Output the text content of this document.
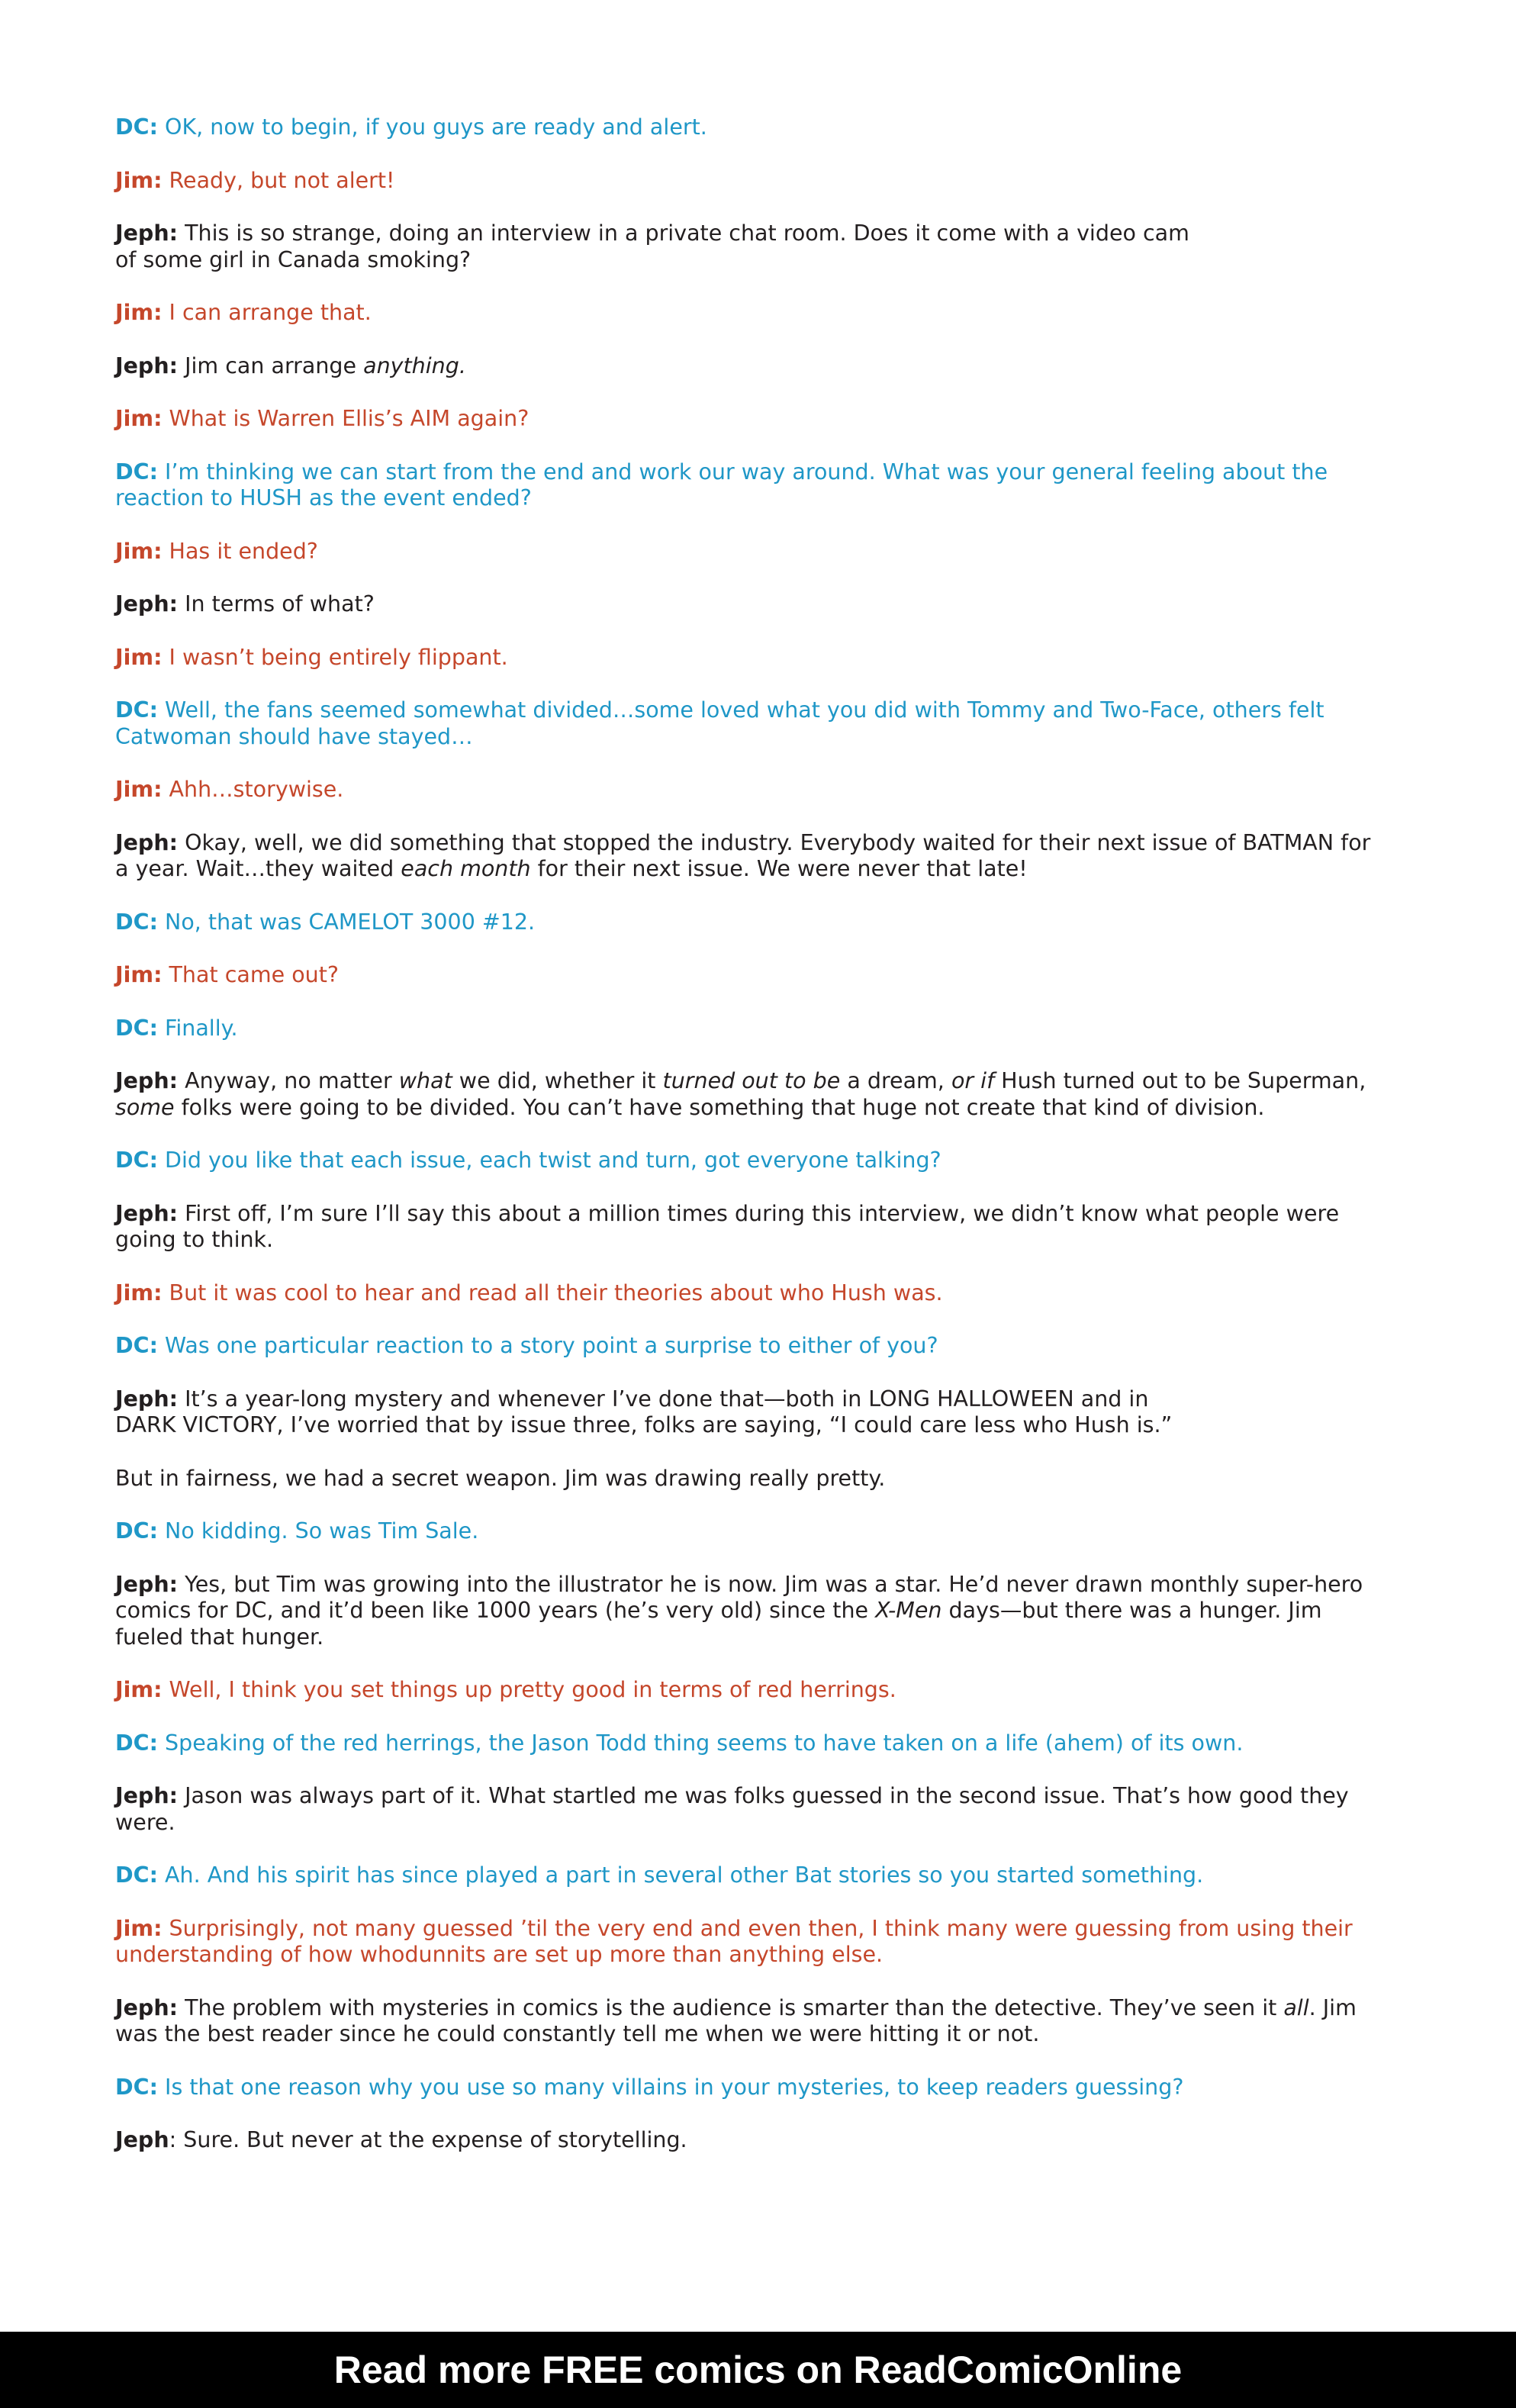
DC: OK, now to begin, if you guys are ready and alert.

Jim: Ready, but not alert!

Jeph: This is so strange, doing an interview in a private chat room. Does it come with a video cam
of some girl in Canada smoking?

Jim: I can arrange that.

Jeph: Jim can arrange anything.

Jim: What is Warren Ellis’s AIM again?

DC: I’m thinking we can start from the end and work our way around. What was your general feeling about the
reaction to HUSH as the event ended?

Jim: Has it ended?

Jeph: In terms of what?

Jim: I wasn’t being entirely flippant.

DC: Well, the fans seemed somewhat divided…some loved what you did with Tommy and Two-Face, others felt
Catwoman should have stayed…

Jim: Ahh…storywise.

Jeph: Okay, well, we did something that stopped the industry. Everybody waited for their next issue of BATMAN for
a year. Wait…they waited each month for their next issue. We were never that late!

DC: No, that was CAMELOT 3000 #12.

Jim: That came out?

DC: Finally.

Jeph: Anyway, no matter what we did, whether it turned out to be a dream, or if Hush turned out to be Superman,
some folks were going to be divided. You can’t have something that huge not create that kind of division.

DC: Did you like that each issue, each twist and turn, got everyone talking?

Jeph: First off, I’m sure I’ll say this about a million times during this interview, we didn’t know what people were
going to think.

Jim: But it was cool to hear and read all their theories about who Hush was.

DC: Was one particular reaction to a story point a surprise to either of you?

Jeph: It’s a year-long mystery and whenever I’ve done that—both in LONG HALLOWEEN and in
DARK VICTORY, I’ve worried that by issue three, folks are saying, “I could care less who Hush is.”

But in fairness, we had a secret weapon. Jim was drawing really pretty.

DC: No kidding. So was Tim Sale.

Jeph: Yes, but Tim was growing into the illustrator he is now. Jim was a star. He’d never drawn monthly super-hero
comics for DC, and it’d been like 1000 years (he’s very old) since the X-Men days—but there was a hunger. Jim
fueled that hunger.

Jim: Well, I think you set things up pretty good in terms of red herrings.

DC: Speaking of the red herrings, the Jason Todd thing seems to have taken on a life (ahem) of its own.

Jeph: Jason was always part of it. What startled me was folks guessed in the second issue. That’s how good they
were.

DC: Ah. And his spirit has since played a part in several other Bat stories so you started something.

Jim: Surprisingly, not many guessed ’til the very end and even then, I think many were guessing from using their
understanding of how whodunnits are set up more than anything else.

Jeph: The problem with mysteries in comics is the audience is smarter than the detective. They’ve seen it all. Jim
was the best reader since he could constantly tell me when we were hitting it or not.

DC: Is that one reason why you use so many villains in your mysteries, to keep readers guessing?

Jeph: Sure. But never at the expense of storytelling.

Read more FREE comics on ReadComicOnline
